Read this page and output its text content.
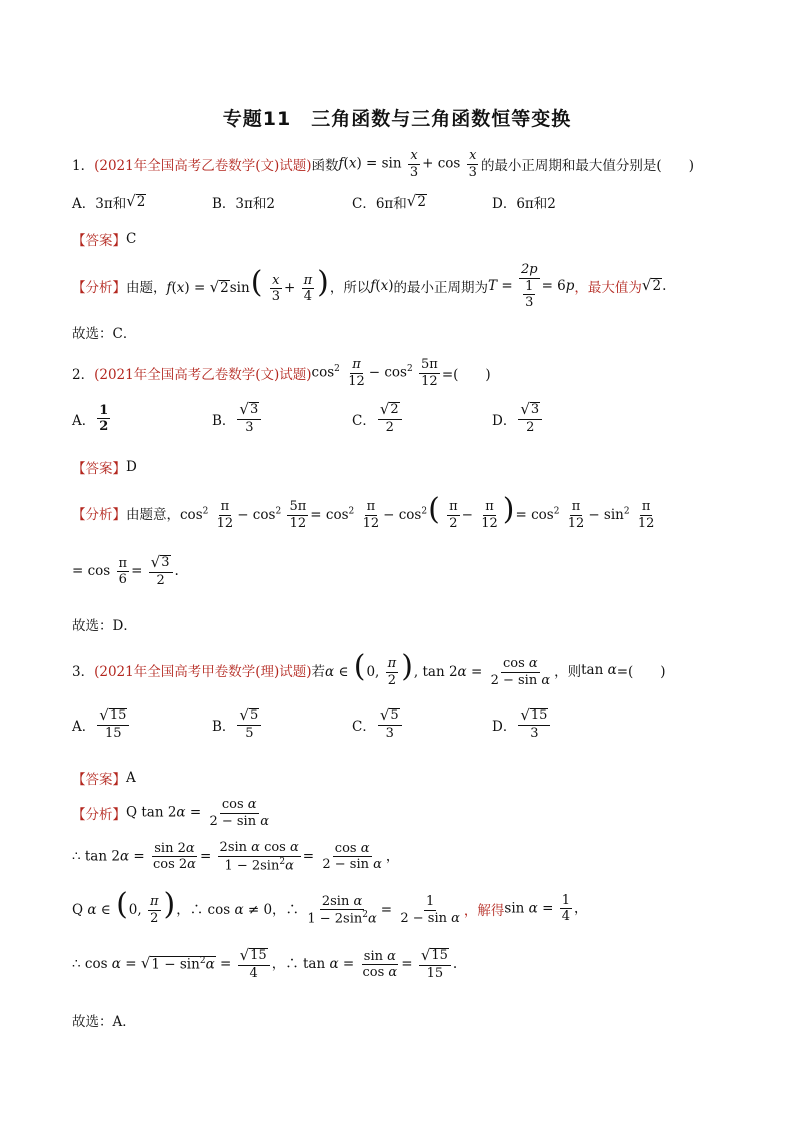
专题11　三角函数与三角函数恒等变换
1． (2021年全国高考乙卷数学(文)试题) 函数 $f(x) = \sin \frac{x}{3} + \cos \frac{x}{3}$ 的最小正周期和最大值分别是(　　)
A．3π和 √ 2	B．3π和2	C．6π和 √ 2	D．6π和2
【答案】 C
【分析】 由题， f(x) = √ 2 $\sin( \frac{x}{3} + \frac{\pi}{4}$ ) ，所以 f(x) 的最小正周期为 $T = \frac{2p}{\frac{1}{3}} = 6p$ ，最大值为 √ 2 .
故选：C．
2． (2021年全国高考乙卷数学(文)试题) $\cos^2 \frac{\pi}{12} - \cos^2 \frac{5\pi}{12}$ =(　　)
A． $\frac{1}{2}$	B． $\frac{√ 3}{3}$	C． $\frac{√ 2}{2}$	D． $\frac{√ 3}{2}$
【答案】 D
【分析】 由题意， $\cos^2 \frac{\pi}{12} - \cos^2 \frac{5\pi}{12} = \cos^2 \frac{\pi}{12} - \cos^2( \frac{\pi}{2} - \frac{\pi}{12}$ )= $\cos^2 \frac{\pi}{12} - \sin^2 \frac{\pi}{12}$
= $\cos \frac{\pi}{6} = \frac{√ 3}{2}$ .
故选：D．
3． (2021年全国高考甲卷数学(理)试题) 若 α ∈ (0, $\frac{\pi}{2}$ ), $\tan 2\alpha = \frac{\text{cos α}}{\text{2 − sin α}}$ ，则 tan α =(　　)
A． $\frac{√ 15}{15}$	B． $\frac{√ 5}{5}$	C． $\frac{√ 5}{3}$	D． $\frac{√ 15}{3}$
【答案】 A
【分析】 Q $\tan 2\alpha = \frac{\text{cos α}}{\text{2 − sin α}}$
∴ $\tan 2\alpha = \frac{\sin 2\alpha}{\cos 2\alpha} = \frac{\text{2sin α cos α}}{1 - 2\sin^2\alpha} = \frac{\text{cos α}}{\text{2 − sin α}}$ ，
Q α ∈ (0, $\frac{\pi}{2}$ )，∴ cos α ≠ 0，∴ $\frac{\text{2sin α}}{1 - 2\sin^2\alpha} = \frac{1}{\text{2 − sin α}}$ ，解得 $\sin \alpha = \frac{1}{4}$ ，
∴ cos α = √ $1 - \sin^2\alpha = \frac{√ 15}{4}$ ，∴ $\tan \alpha = \frac{\text{sin α}}{\text{cos α}} = \frac{√ 15}{15}$ .
故选：A．
